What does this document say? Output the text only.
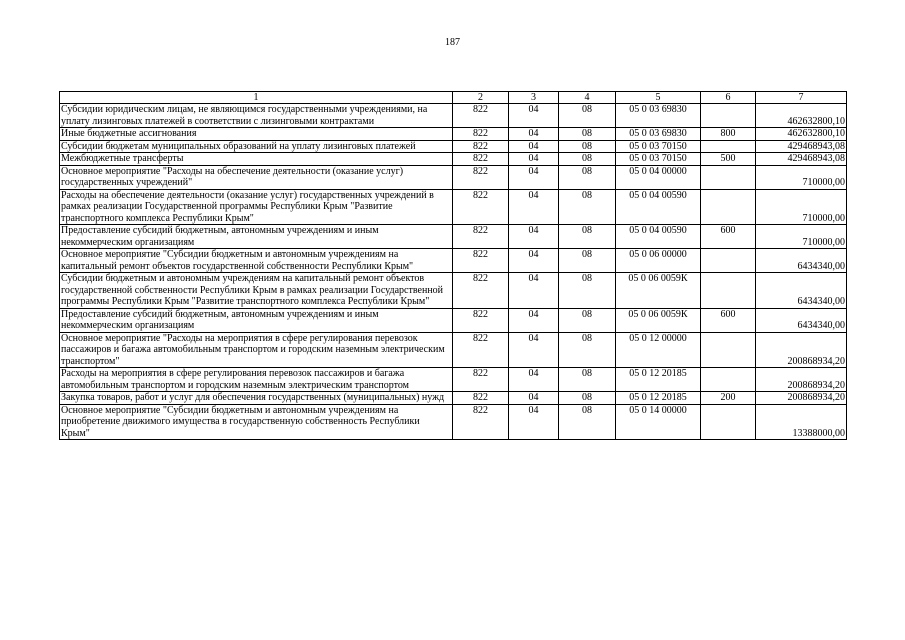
187
1	2	3	4	5	6	7
Субсидии юридическим лицам, не являющимся государственными учреждениями, на уплату лизинговых платежей в соответствии с лизинговыми контрактами	822	04	08	05 0 03 69830		462632800,10
Иные бюджетные ассигнования	822	04	08	05 0 03 69830	800	462632800,10
Субсидии бюджетам муниципальных образований на уплату лизинговых платежей	822	04	08	05 0 03 70150		429468943,08
Межбюджетные трансферты	822	04	08	05 0 03 70150	500	429468943,08
Основное мероприятие "Расходы на обеспечение деятельности (оказание услуг) государственных учреждений"	822	04	08	05 0 04 00000		710000,00
Расходы на обеспечение деятельности (оказание услуг) государственных учреждений в рамках реализации Государственной программы Республики Крым "Развитие транспортного комплекса Республики Крым"	822	04	08	05 0 04 00590		710000,00
Предоставление субсидий бюджетным, автономным учреждениям и иным некоммерческим организациям	822	04	08	05 0 04 00590	600	710000,00
Основное мероприятие "Субсидии бюджетным и автономным учреждениям на капитальный ремонт объектов государственной собственности Республики Крым"	822	04	08	05 0 06 00000		6434340,00
Субсидии бюджетным и автономным учреждениям на капитальный ремонт объектов государственной собственности Республики Крым в рамках реализации Государственной программы Республики Крым "Развитие транспортного комплекса Республики Крым"	822	04	08	05 0 06 0059К		6434340,00
Предоставление субсидий бюджетным, автономным учреждениям и иным некоммерческим организациям	822	04	08	05 0 06 0059К	600	6434340,00
Основное мероприятие "Расходы на мероприятия в сфере регулирования перевозок пассажиров и багажа автомобильным транспортом и городским наземным электрическим транспортом"	822	04	08	05 0 12 00000		200868934,20
Расходы на мероприятия в сфере регулирования перевозок пассажиров и багажа автомобильным транспортом и городским наземным электрическим транспортом	822	04	08	05 0 12 20185		200868934,20
Закупка товаров, работ и услуг для обеспечения государственных (муниципальных) нужд	822	04	08	05 0 12 20185	200	200868934,20
Основное мероприятие "Субсидии бюджетным и автономным учреждениям на приобретение движимого имущества в государственную собственность Республики Крым"	822	04	08	05 0 14 00000		13388000,00
